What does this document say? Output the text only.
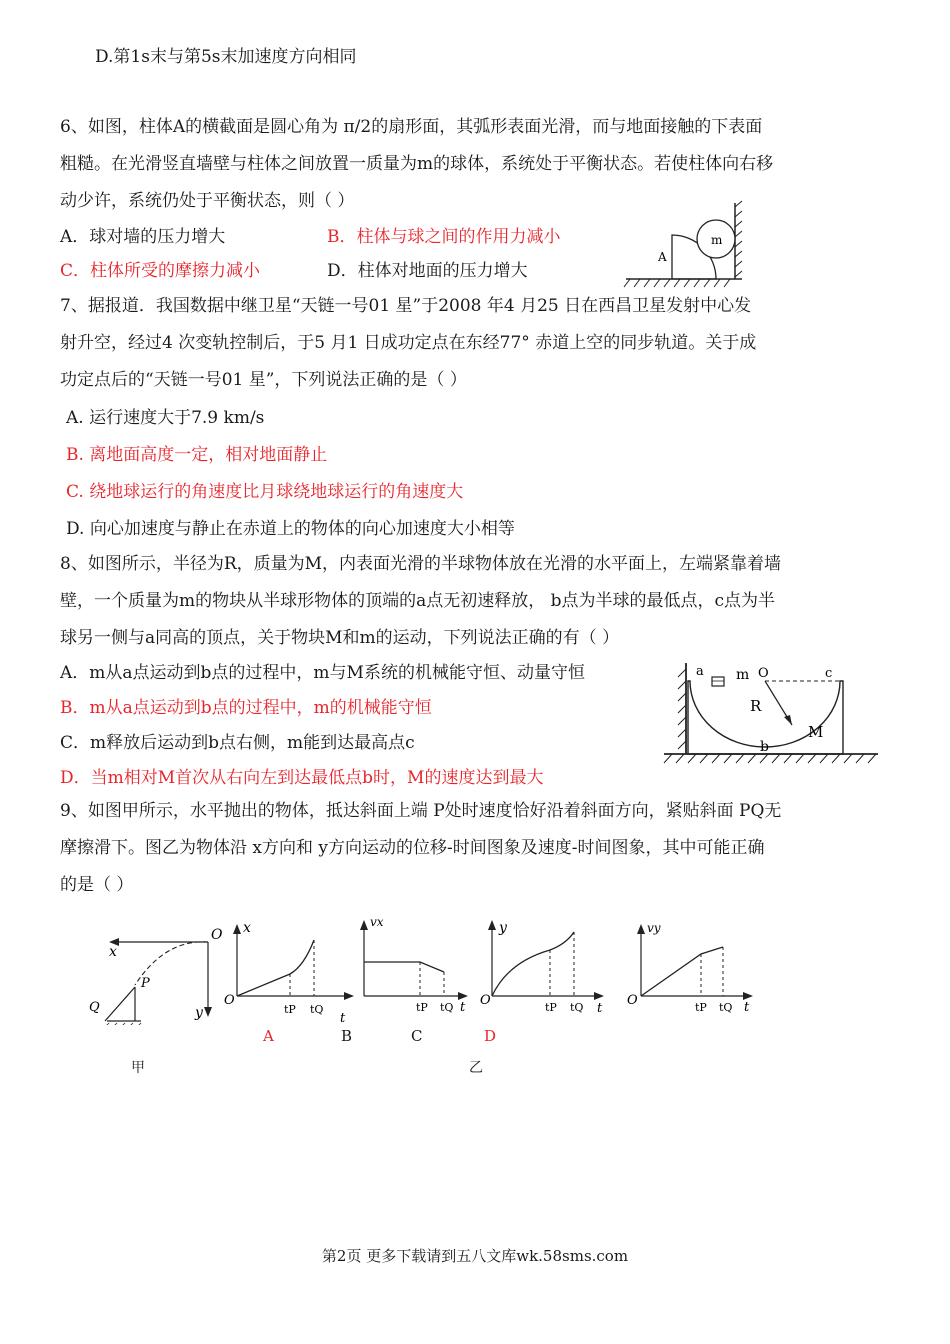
D.第1s末与第5s末加速度方向相同
6、如图，柱体A的横截面是圆心角为 π/2的扇形面，其弧形表面光滑，而与地面接触的下表面
粗糙。在光滑竖直墙壁与柱体之间放置一质量为m的球体，系统处于平衡状态。若使柱体向右移
动少许，系统仍处于平衡状态，则（ ）
A．球对墙的压力增大	B．柱体与球之间的作用力减小
C．柱体所受的摩擦力减小	D．柱体对地面的压力增大
m
A
7、据报道．我国数据中继卫星“天链一号01 星”于2008 年4 月25 日在西昌卫星发射中心发
射升空，经过4 次变轨控制后，于5 月1 日成功定点在东经77° 赤道上空的同步轨道。关于成
功定点后的“天链一号01 星”，下列说法正确的是（ ）
A. 运行速度大于7.9 km/s
B. 离地面高度一定，相对地面静止
C. 绕地球运行的角速度比月球绕地球运行的角速度大
D. 向心加速度与静止在赤道上的物体的向心加速度大小相等
8、如图所示，半径为R，质量为M，内表面光滑的半球物体放在光滑的水平面上，左端紧靠着墙
壁，一个质量为m的物块从半球形物体的顶端的a点无初速释放， b点为半球的最低点，c点为半
球另一侧与a同高的顶点，关于物块M和m的运动，下列说法正确的有（ ）
A．m从a点运动到b点的过程中，m与M系统的机械能守恒、动量守恒
B．m从a点运动到b点的过程中，m的机械能守恒
C．m释放后运动到b点右侧，m能到达最高点c
D．当m相对M首次从右向左到达最低点b时，M的速度达到最大
a m O	c
R
M
b
9、如图甲所示，水平抛出的物体，抵达斜面上端 P处时速度恰好沿着斜面方向，紧贴斜面 PQ无
摩擦滑下。图乙为物体沿 x方向和 y方向运动的位移-时间图象及速度-时间图象，其中可能正确
的是（ ）
x
O
P
Q	y
甲
x
O
tP tQ
t
A
vx
tP tQ t
B	C
y
O	tP tQ t
D
vy
O	tP tQ t
乙
第2页 更多下载请到五八文库wk.58sms.com
